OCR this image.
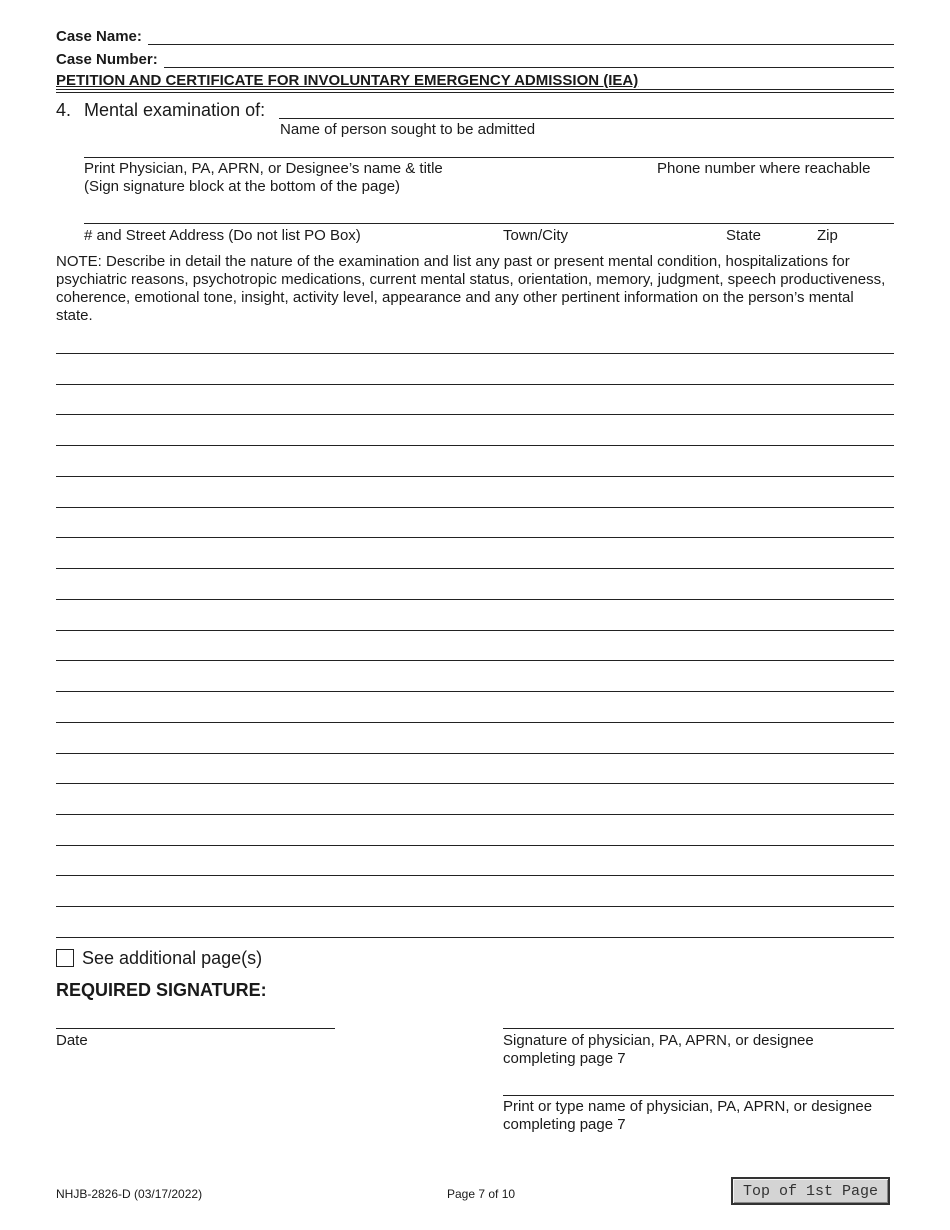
Case Name:
Case Number:
PETITION AND CERTIFICATE FOR INVOLUNTARY EMERGENCY ADMISSION (IEA)
4. Mental examination of:
Name of person sought to be admitted
Print Physician, PA, APRN, or Designee’s name & title
(Sign signature block at the bottom of the page)
Phone number where reachable
# and Street Address (Do not list PO Box)	Town/City	State	Zip
NOTE: Describe in detail the nature of the examination and list any past or present mental condition, hospitalizations for psychiatric reasons, psychotropic medications, current mental status, orientation, memory, judgment, speech productiveness, coherence, emotional tone, insight, activity level, appearance and any other pertinent information on the person’s mental state.
See additional page(s)
REQUIRED SIGNATURE:
Date	Signature of physician, PA, APRN, or designee
completing page 7
Print or type name of physician, PA, APRN, or designee
completing page 7
NHJB-2826-D (03/17/2022)	Page 7 of 10	Top of 1st Page
